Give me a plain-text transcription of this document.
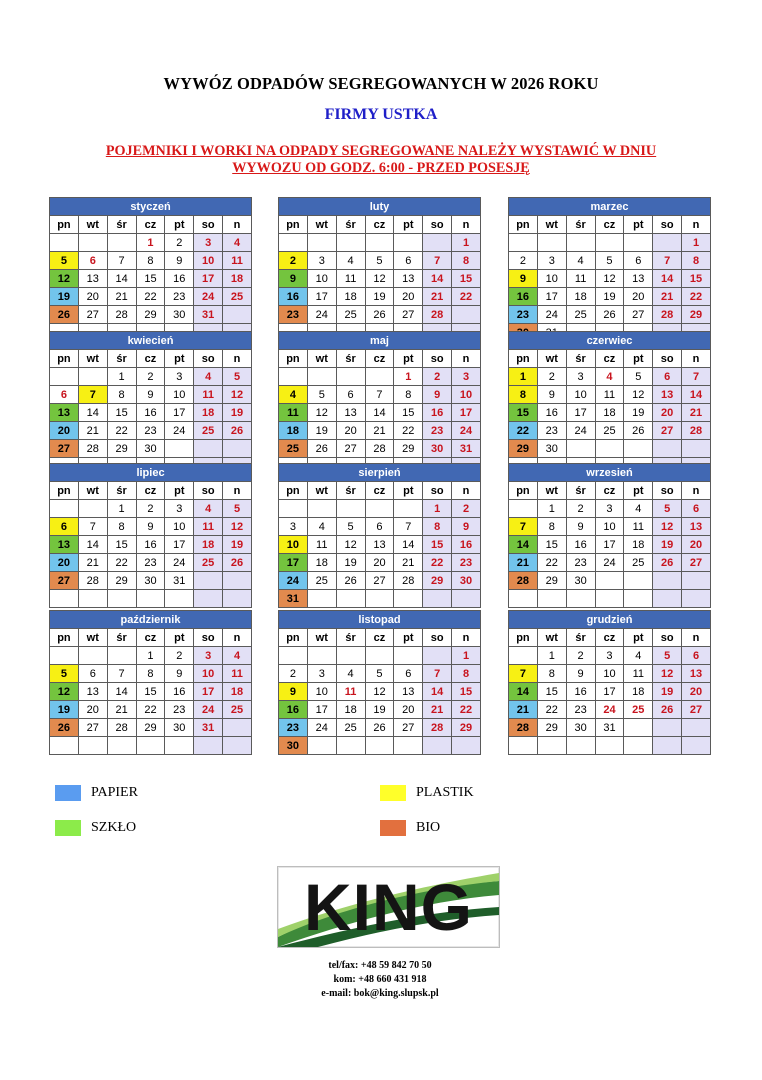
WYWÓZ ODPADÓW SEGREGOWANYCH W 2026 ROKU
FIRMY USTKA
POJEMNIKI I WORKI NA ODPADY SEGREGOWANE NALEŻY WYSTAWIĆ W DNIU
WYWOZU OD GODZ. 6:00 - PRZED POSESJĘ
styczeń						
pn	wt	śr	cz	pt	so	n
			1	2	3	4
5	6	7	8	9	10	11
12	13	14	15	16	17	18
19	20	21	22	23	24	25
26	27	28	29	30	31	

luty						
pn	wt	śr	cz	pt	so	n
						1
2	3	4	5	6	7	8
9	10	11	12	13	14	15
16	17	18	19	20	21	22
23	24	25	26	27	28	

marzec						
pn	wt	śr	cz	pt	so	n
						1
2	3	4	5	6	7	8
9	10	11	12	13	14	15
16	17	18	19	20	21	22
23	24	25	26	27	28	29

kwiecień						
pn	wt	śr	cz	pt	so	n
		1	2	3	4	5
6	7	8	9	10	11	12
13	14	15	16	17	18	19
20	21	22	23	24	25	26
27	28	29	30			

maj						
pn	wt	śr	cz	pt	so	n
				1	2	3
4	5	6	7	8	9	10
11	12	13	14	15	16	17
18	19	20	21	22	23	24
25	26	27	28	29	30	31

czerwiec						
pn	wt	śr	cz	pt	so	n
1	2	3	4	5	6	7
8	9	10	11	12	13	14
15	16	17	18	19	20	21
22	23	24	25	26	27	28
29	30					

lipiec						
pn	wt	śr	cz	pt	so	n
		1	2	3	4	5
6	7	8	9	10	11	12
13	14	15	16	17	18	19
20	21	22	23	24	25	26
27	28	29	30	31		

sierpień						
pn	wt	śr	cz	pt	so	n
					1	2
3	4	5	6	7	8	9
10	11	12	13	14	15	16
17	18	19	20	21	22	23
24	25	26	27	28	29	30
31						
wrzesień						
pn	wt	śr	cz	pt	so	n
	1	2	3	4	5	6
7	8	9	10	11	12	13
14	15	16	17	18	19	20
21	22	23	24	25	26	27
28	29	30				

październik						
pn	wt	śr	cz	pt	so	n
			1	2	3	4
5	6	7	8	9	10	11
12	13	14	15	16	17	18
19	20	21	22	23	24	25
26	27	28	29	30	31	

listopad						
pn	wt	śr	cz	pt	so	n
						1
2	3	4	5	6	7	8
9	10	11	12	13	14	15
16	17	18	19	20	21	22
23	24	25	26	27	28	29
30						
grudzień						
pn	wt	śr	cz	pt	so	n
	1	2	3	4	5	6
7	8	9	10	11	12	13
14	15	16	17	18	19	20
21	22	23	24	25	26	27
28	29	30	31			

PAPIER	PLASTIK
SZKŁO	BIO
KING
tel/fax: +48 59 842 70 50
kom: +48 660 431 918
e-mail: bok@king.slupsk.pl
